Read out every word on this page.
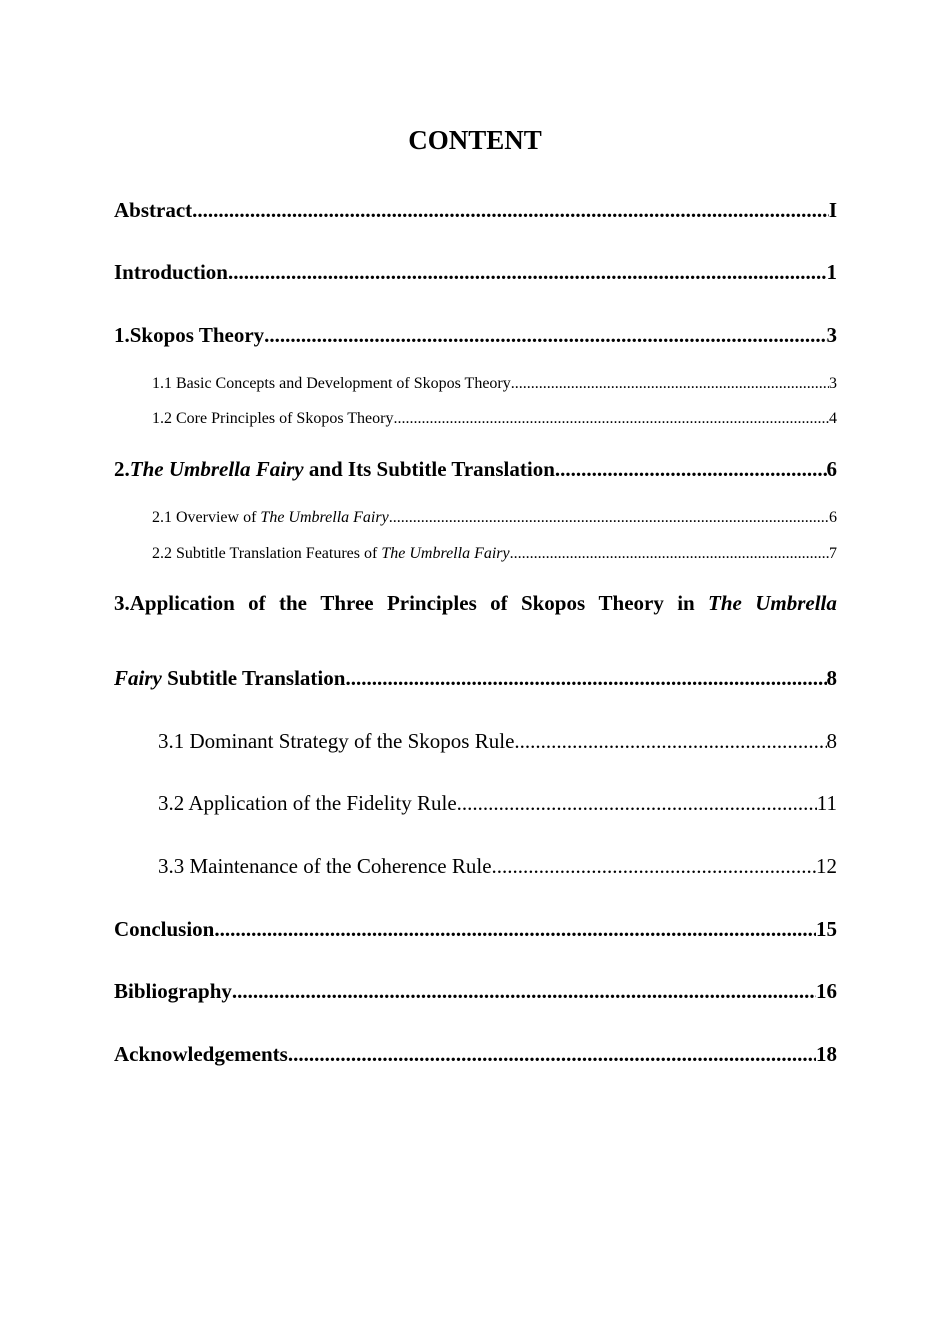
CONTENT
Abstract .....	I
Introduction .....	1
1.Skopos Theory .....	3
1.1 Basic Concepts and Development of Skopos Theory .....	3
1.2 Core Principles of Skopos Theory .....	4
2.The Umbrella Fairy and Its Subtitle Translation .....	6
2.1 Overview of The Umbrella Fairy .....	6
2.2 Subtitle Translation Features of The Umbrella Fairy .....	7
3.Application of the Three Principles of Skopos Theory in The Umbrella
Fairy Subtitle Translation .....	8
3.1 Dominant Strategy of the Skopos Rule .....	8
3.2 Application of the Fidelity Rule .....	11
3.3 Maintenance of the Coherence Rule .....	12
Conclusion .....	15
Bibliography .....	16
Acknowledgements .....	18
